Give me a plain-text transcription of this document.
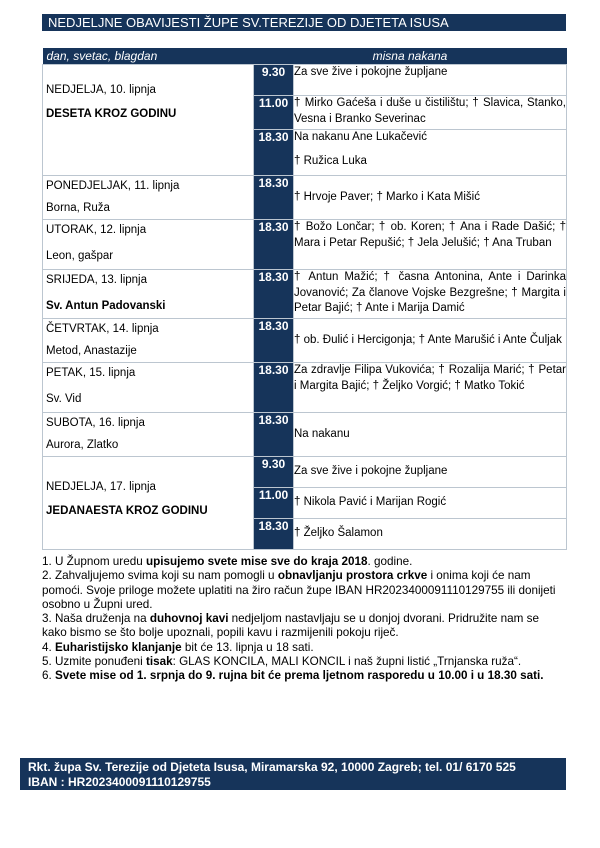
NEDJELJNE OBAVIJESTI ŽUPE SV.TEREZIJE OD DJETETA ISUSA
dan, svetac, blagdan	misna nakana	

NEDJELJA, 10. lipnja
DESETA KROZ GODINU	9.30	Za sve žive i pokojne župljane
	11.00	† Mirko Gaćeša i duše u čistilištu; † Slavica, Stanko, Vesna i Branko Severinac
	18.30	Na nakanu Ane Lukačević
† Ružica Luka

PONEDJELJAK, 11. lipnja
Borna, Ruža	18.30	† Hrvoje Paver; † Marko i Kata Mišić

UTORAK, 12. lipnja
Leon, gašpar	18.30	† Božo Lončar; † ob. Koren; † Ana i Rade Dašić; † Mara i Petar Repušić; † Jela Jelušić; † Ana Truban

SRIJEDA, 13. lipnja
Sv. Antun Padovanski	18.30	† Antun Mažić; † časna Antonina, Ante i Darinka Jovanović; Za članove Vojske Bezgrešne; † Margita i Petar Bajić; † Ante i Marija Damić

ČETVRTAK, 14. lipnja
Metod, Anastazije	18.30	† ob. Đulić i Hercigonja; † Ante Marušić i Ante Čuljak

PETAK, 15. lipnja
Sv. Vid	18.30	Za zdravlje Filipa Vukovića; † Rozalija Marić; † Petar i Margita Bajić; † Željko Vorgić; † Matko Tokić

SUBOTA, 16. lipnja
Aurora, Zlatko	18.30	Na nakanu

NEDJELJA, 17. lipnja
JEDANAESTA KROZ GODINU	9.30	Za sve žive i pokojne župljane
	11.00	† Nikola Pavić i Marijan Rogić
	18.30	† Željko Šalamon

1. U Župnom uredu upisujemo svete mise sve do kraja 2018. godine.

2. Zahvaljujemo svima koji su nam pomogli u obnavljanju prostora crkve i onima koji će nam pomoći. Svoje priloge možete uplatiti na žiro račun župe IBAN HR2023400091110129755 ili donijeti osobno u Župni ured.

3. Naša druženja na duhovnoj kavi nedjeljom nastavljaju se u donjoj dvorani. Pridružite nam se kako bismo se što bolje upoznali, popili kavu i razmijenili pokoju riječ.

4. Euharistijsko klanjanje bit će 13. lipnja u 18 sati.

5. Uzmite ponuđeni tisak: GLAS KONCILA, MALI KONCIL i naš župni listić „Trnjanska ruža“.

6. Svete mise od 1. srpnja do 9. rujna bit će prema ljetnom rasporedu u 10.00 i u 18.30 sati.

Rkt. župa Sv. Terezije od Djeteta Isusa, Miramarska 92, 10000 Zagreb; tel. 01/ 6170 525
IBAN : HR2023400091110129755
